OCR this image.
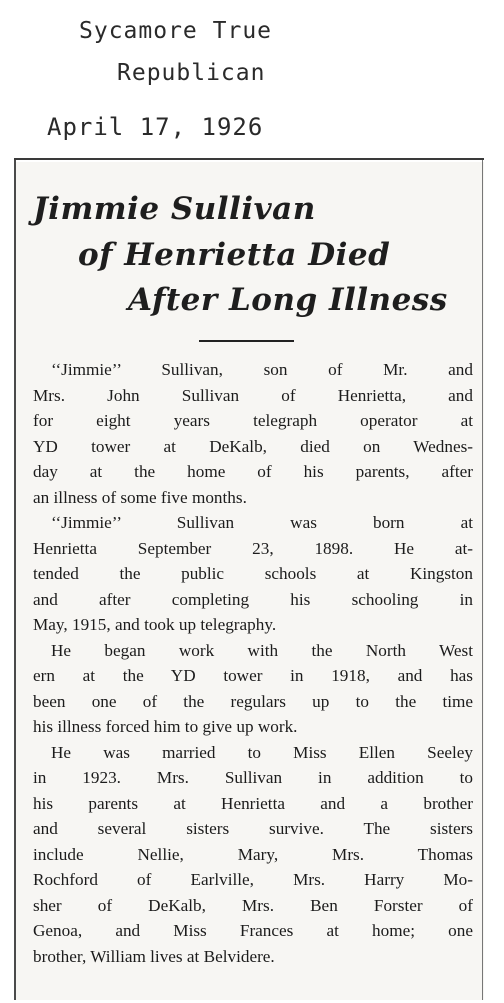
Sycamore True
Republican
April 17, 1926
Jimmie Sullivan
of Henrietta Died
After Long Illness
‘‘Jimmie’’ Sullivan, son of Mr. and
Mrs. John Sullivan of Henrietta, and
for eight years telegraph operator at
YD tower at DeKalb, died on Wednes-
day at the home of his parents, after
an illness of some five months.
‘‘Jimmie’’ Sullivan was born at
Henrietta September 23, 1898. He at-
tended the public schools at Kingston
and after completing his schooling in
May, 1915, and took up telegraphy.
He began work with the North West
ern at the YD tower in 1918, and has
been one of the regulars up to the time
his illness forced him to give up work.
He was married to Miss Ellen Seeley
in 1923. Mrs. Sullivan in addition to
his parents at Henrietta and a brother
and several sisters survive. The sisters
include Nellie, Mary, Mrs. Thomas
Rochford of Earlville, Mrs. Harry Mo-
sher of DeKalb, Mrs. Ben Forster of
Genoa, and Miss Frances at home; one
brother, William lives at Belvidere.
